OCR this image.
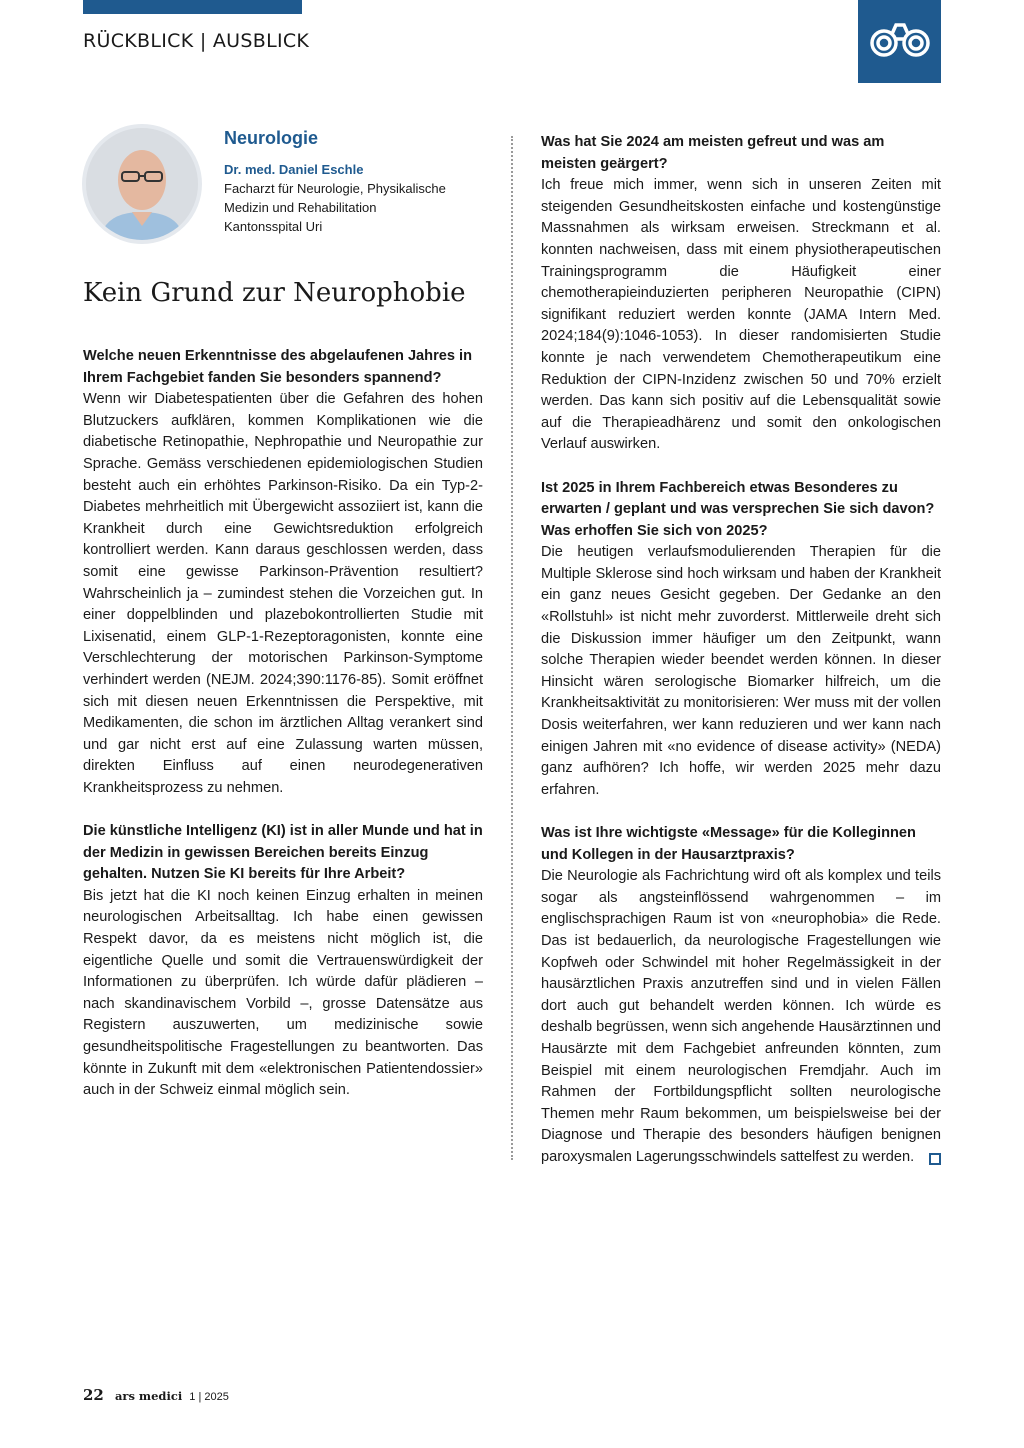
RÜCKBLICK | AUSBLICK
Neurologie
Dr. med. Daniel Eschle
Facharzt für Neurologie, Physikalische
Medizin und Rehabilitation
Kantonsspital Uri
Kein Grund zur Neurophobie

Welche neuen Erkenntnisse des abgelaufenen Jahres in Ihrem Fachgebiet fanden Sie besonders spannend?

Wenn wir Diabetespatienten über die Gefahren des hohen Blutzuckers aufklären, kommen Komplikationen wie die diabetische Retinopathie, Nephropathie und Neuropathie zur Sprache. Gemäss verschiedenen epidemiologischen Studien besteht auch ein erhöhtes Parkinson-Risiko. Da ein Typ-2-Diabetes mehrheitlich mit Übergewicht assoziiert ist, kann die Krankheit durch eine Gewichtsreduktion erfolgreich kontrolliert werden. Kann daraus geschlossen werden, dass somit eine gewisse Parkinson-Prävention resultiert? Wahrscheinlich ja – zumindest stehen die Vorzeichen gut. In einer doppelblinden und plazebokontrollierten Studie mit Lixisenatid, einem GLP-1-Rezeptoragonisten, konnte eine Verschlechterung der motorischen Parkinson-Symptome verhindert werden (NEJM. 2024;390:1176-85). Somit eröffnet sich mit diesen neuen Erkenntnissen die Perspektive, mit Medikamenten, die schon im ärztlichen Alltag verankert sind und gar nicht erst auf eine Zulassung warten müssen, direkten Einfluss auf einen neurodegenerativen Krankheitsprozess zu nehmen.

Die künstliche Intelligenz (KI) ist in aller Munde und hat in der Medizin in gewissen Bereichen bereits Einzug gehalten. Nutzen Sie KI bereits für Ihre Arbeit?

Bis jetzt hat die KI noch keinen Einzug erhalten in meinen neurologischen Arbeitsalltag. Ich habe einen gewissen Respekt davor, da es meistens nicht möglich ist, die eigentliche Quelle und somit die Vertrauenswürdigkeit der Informationen zu überprüfen. Ich würde dafür plädieren – nach skandinavischem Vorbild –, grosse Datensätze aus Registern auszuwerten, um medizinische sowie gesundheitspolitische Fragestellungen zu beantworten. Das könnte in Zukunft mit dem «elektronischen Patientendossier» auch in der Schweiz einmal möglich sein.

Was hat Sie 2024 am meisten gefreut und was am meisten geärgert?

Ich freue mich immer, wenn sich in unseren Zeiten mit steigenden Gesundheitskosten einfache und kostengünstige Massnahmen als wirksam erweisen. Streckmann et al. konnten nachweisen, dass mit einem physiotherapeutischen Trainingsprogramm die Häufigkeit einer chemotherapieinduzierten peripheren Neuropathie (CIPN) signifikant reduziert werden konnte (JAMA Intern Med. 2024;184(9):1046-1053). In dieser randomisierten Studie konnte je nach verwendetem Chemotherapeutikum eine Reduktion der CIPN-Inzidenz zwischen 50 und 70% erzielt werden. Das kann sich positiv auf die Lebensqualität sowie auf die Therapieadhärenz und somit den onkologischen Verlauf auswirken.

Ist 2025 in Ihrem Fachbereich etwas Besonderes zu erwarten / geplant und was versprechen Sie sich davon? Was erhoffen Sie sich von 2025?

Die heutigen verlaufsmodulierenden Therapien für die Multiple Sklerose sind hoch wirksam und haben der Krankheit ein ganz neues Gesicht gegeben. Der Gedanke an den «Rollstuhl» ist nicht mehr zuvorderst. Mittlerweile dreht sich die Diskussion immer häufiger um den Zeitpunkt, wann solche Therapien wieder beendet werden können. In dieser Hinsicht wären serologische Biomarker hilfreich, um die Krankheitsaktivität zu monitorisieren: Wer muss mit der vollen Dosis weiterfahren, wer kann reduzieren und wer kann nach einigen Jahren mit «no evidence of disease activity» (NEDA) ganz aufhören? Ich hoffe, wir werden 2025 mehr dazu erfahren.

Was ist Ihre wichtigste «Message» für die Kolleginnen und Kollegen in der Hausarztpraxis?

Die Neurologie als Fachrichtung wird oft als komplex und teils sogar als angsteinflössend wahrgenommen – im englischsprachigen Raum ist von «neurophobia» die Rede. Das ist bedauerlich, da neurologische Fragestellungen wie Kopfweh oder Schwindel mit hoher Regelmässigkeit in der hausärztlichen Praxis anzutreffen sind und in vielen Fällen dort auch gut behandelt werden können. Ich würde es deshalb begrüssen, wenn sich angehende Hausärztinnen und Hausärzte mit dem Fachgebiet anfreunden könnten, zum Beispiel mit einem neurologischen Fremdjahr. Auch im Rahmen der Fortbildungspflicht sollten neurologische Themen mehr Raum bekommen, um beispielsweise bei der Diagnose und Therapie des besonders häufigen benignen paroxysmalen Lagerungsschwindels sattelfest zu werden.

22 ars medici 1 | 2025
